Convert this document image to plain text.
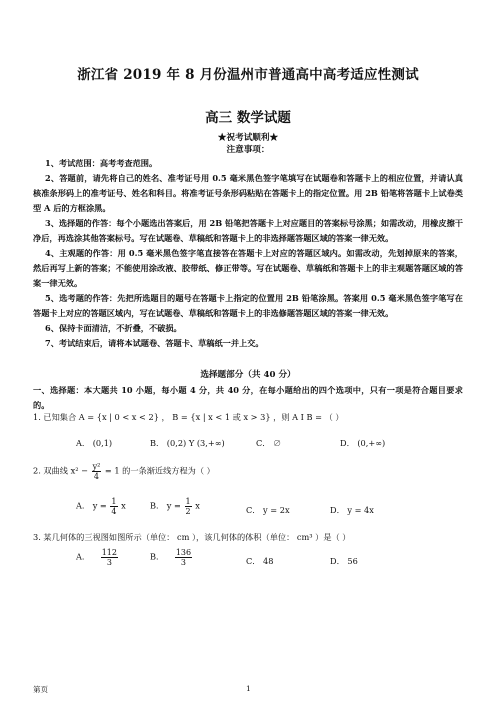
浙江省 2019 年 8 月份温州市普通高中高考适应性测试
高三 数学试题
★祝考试顺利★
注意事项：

1、考试范围：高考考查范围。

2、答题前，请先将自己的姓名、准考证号用 0.5 毫米黑色签字笔填写在试题卷和答题卡上的相应位置，并请认真核准条形码上的准考证号、姓名和科目。将准考证号条形码粘贴在答题卡上的指定位置。用 2B 铅笔将答题卡上试卷类型 A 后的方框涂黑。

3、选择题的作答：每个小题选出答案后，用 2B 铅笔把答题卡上对应题目的答案标号涂黑；如需改动，用橡皮擦干净后，再选涂其他答案标号。写在试题卷、草稿纸和答题卡上的非选择题答题区域的答案一律无效。

4、主观题的作答：用 0.5 毫米黑色签字笔直接答在答题卡上对应的答题区域内。如需改动，先划掉原来的答案，然后再写上新的答案；不能使用涂改液、胶带纸、修正带等。写在试题卷、草稿纸和答题卡上的非主观题答题区域的答案一律无效。

5、选考题的作答：先把所选题目的题号在答题卡上指定的位置用 2B 铅笔涂黑。答案用 0.5 毫米黑色签字笔写在答题卡上对应的答题区域内，写在试题卷、草稿纸和答题卡上的非选修题答题区域的答案一律无效。

6、保持卡面清洁，不折叠，不破损。

7、考试结束后，请将本试题卷、答题卡、草稿纸一并上交。

选择题部分（共 40 分）
一、选择题：本大题共 10 小题，每小题 4 分，共 40 分，在每小题给出的四个选项中，只有一项是符合题目要求的。
1. 已知集合 A = {x | 0 < x < 2} ， B = {x | x < 1 或 x > 3} ，则 A I B = （ ）
A． (0,1)	B． (0,2) Y (3,+∞)	C． ∅	D． (0,+∞)
2. 双曲线 $x^2 - \frac{\text{y²}}{4} = 1$ 的一条渐近线方程为（ ）
A． $y = \frac{1}{4}$ x	B． $y = \frac{1}{2}$ x	C． y = 2x	D． y = 4x
3. 某几何体的三视图如图所示（单位： cm ），该几何体的体积（单位： cm³ ）是（ ）
A． $\frac{112}{3}$	B． $\frac{136}{3}$	C． 48	D． 56
第页	1
